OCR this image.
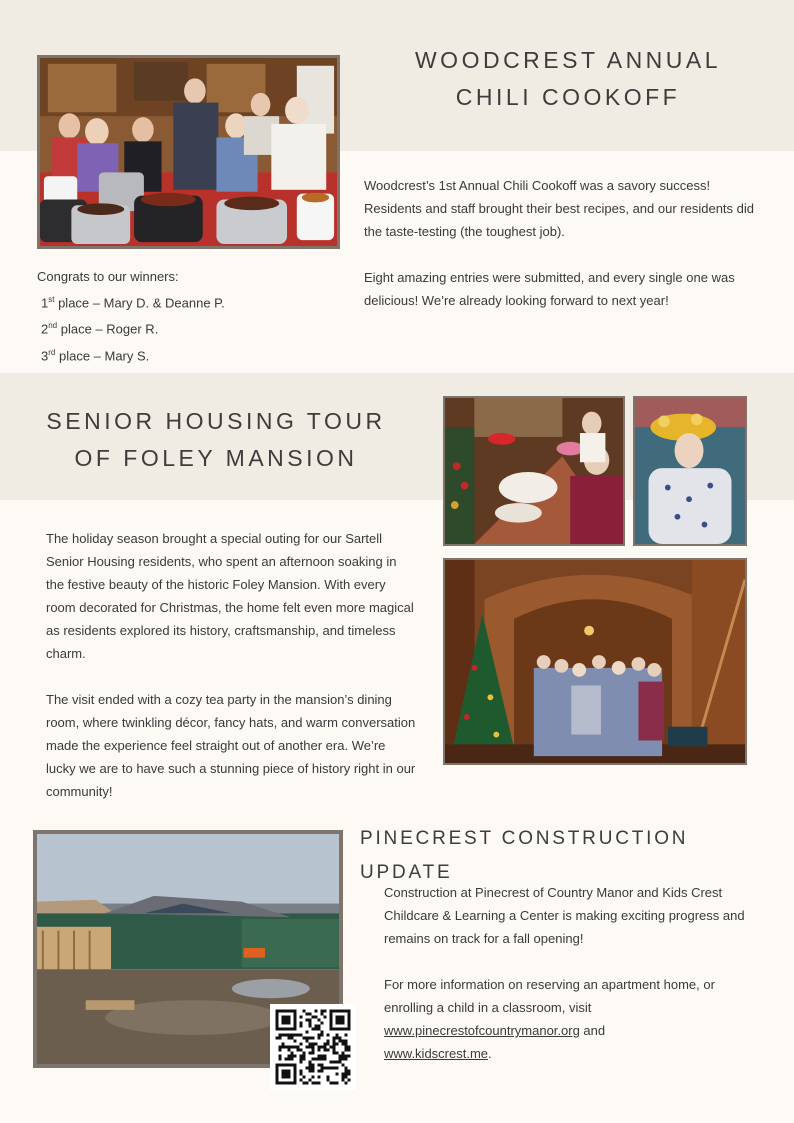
WOODCREST ANNUAL
CHILI COOKOFF

Woodcrest’s 1st Annual Chili Cookoff was a savory success! Residents and staff brought their best recipes, and our residents did the taste-testing (the toughest job).

Eight amazing entries were submitted, and every single one was delicious! We’re already looking forward to next year!

Congrats to our winners:
1st place – Mary D. & Deanne P.
2nd place – Roger R.
3rd place – Mary S.
SENIOR HOUSING TOUR
OF FOLEY MANSION

The holiday season brought a special outing for our Sartell Senior Housing residents, who spent an afternoon soaking in the festive beauty of the historic Foley Mansion. With every room decorated for Christmas, the home felt even more magical as residents explored its history, craftsmanship, and timeless charm.

The visit ended with a cozy tea party in the mansion’s dining room, where twinkling décor, fancy hats, and warm conversation made the experience feel straight out of another era. We’re lucky we are to have such a stunning piece of history right in our community!

PINECREST CONSTRUCTION UPDATE

Construction at Pinecrest of Country Manor and Kids Crest Childcare & Learning a Center is making exciting progress and remains on track for a fall opening!

For more information on reserving an apartment home, or enrolling a child in a classroom, visit www.pinecrestofcountrymanor.org and
www.kidscrest.me.
